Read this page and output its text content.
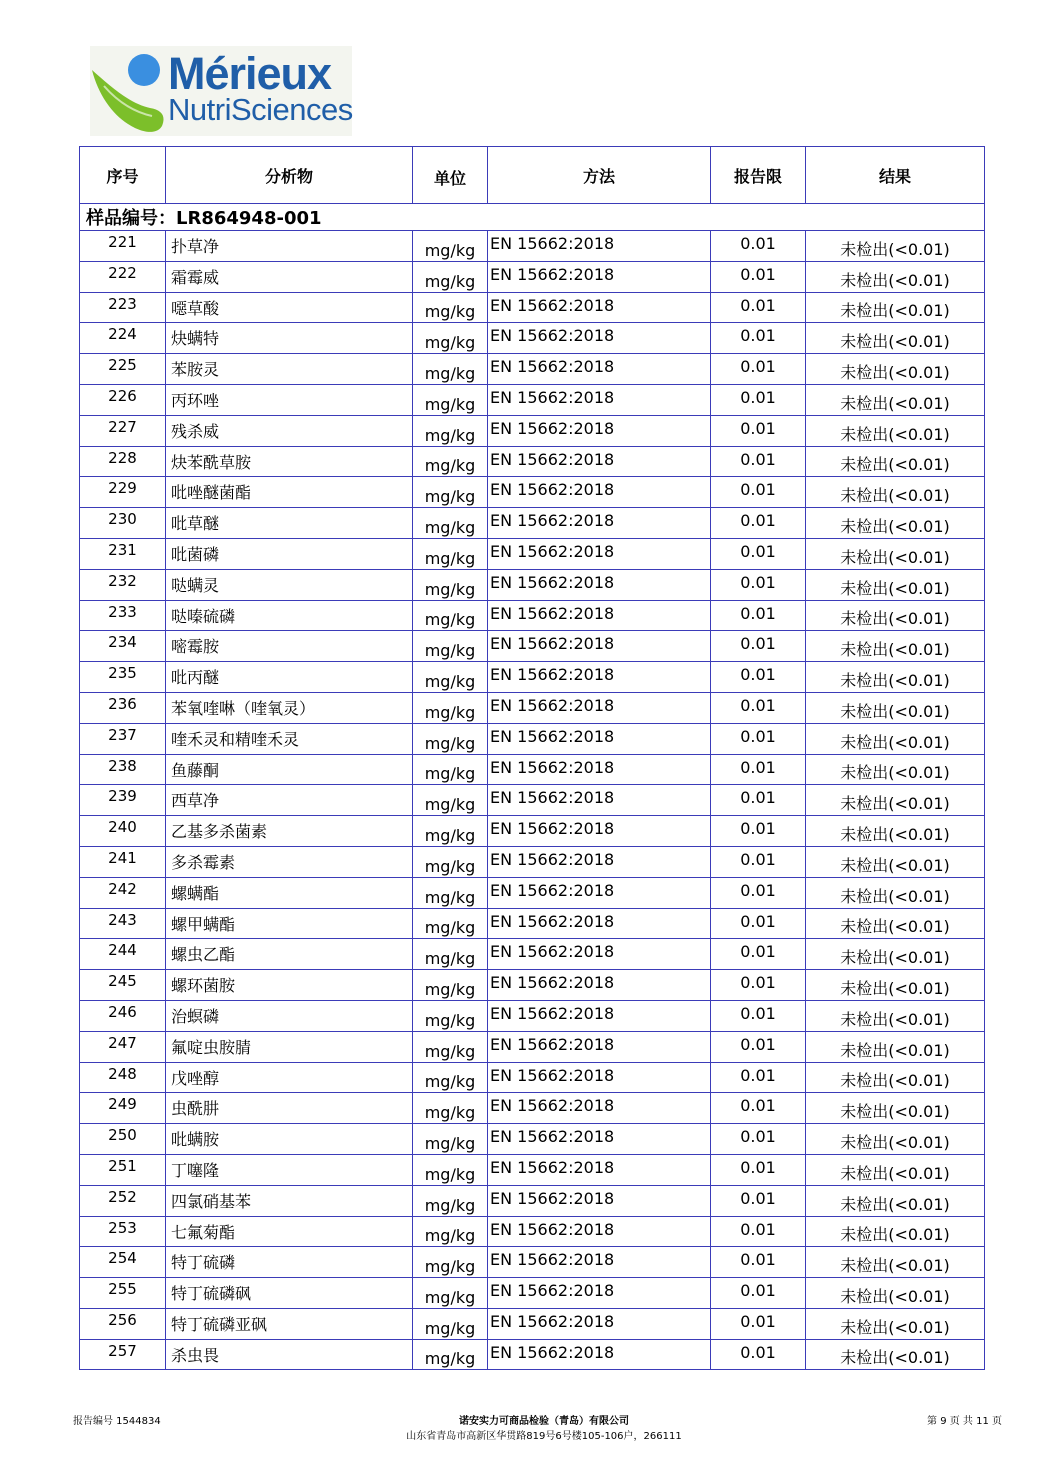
Mérieux
NutriSciences
序号	分析物	单位	方法	报告限	结果
样品编号：LR864948-001					
221	扑草净	mg/kg	EN 15662:2018	0.01	未检出(<0.01)
222	霜霉威	mg/kg	EN 15662:2018	0.01	未检出(<0.01)
223	噁草酸	mg/kg	EN 15662:2018	0.01	未检出(<0.01)
224	炔螨特	mg/kg	EN 15662:2018	0.01	未检出(<0.01)
225	苯胺灵	mg/kg	EN 15662:2018	0.01	未检出(<0.01)
226	丙环唑	mg/kg	EN 15662:2018	0.01	未检出(<0.01)
227	残杀威	mg/kg	EN 15662:2018	0.01	未检出(<0.01)
228	炔苯酰草胺	mg/kg	EN 15662:2018	0.01	未检出(<0.01)
229	吡唑醚菌酯	mg/kg	EN 15662:2018	0.01	未检出(<0.01)
230	吡草醚	mg/kg	EN 15662:2018	0.01	未检出(<0.01)
231	吡菌磷	mg/kg	EN 15662:2018	0.01	未检出(<0.01)
232	哒螨灵	mg/kg	EN 15662:2018	0.01	未检出(<0.01)
233	哒嗪硫磷	mg/kg	EN 15662:2018	0.01	未检出(<0.01)
234	嘧霉胺	mg/kg	EN 15662:2018	0.01	未检出(<0.01)
235	吡丙醚	mg/kg	EN 15662:2018	0.01	未检出(<0.01)
236	苯氧喹啉（喹氧灵）	mg/kg	EN 15662:2018	0.01	未检出(<0.01)
237	喹禾灵和精喹禾灵	mg/kg	EN 15662:2018	0.01	未检出(<0.01)
238	鱼藤酮	mg/kg	EN 15662:2018	0.01	未检出(<0.01)
239	西草净	mg/kg	EN 15662:2018	0.01	未检出(<0.01)
240	乙基多杀菌素	mg/kg	EN 15662:2018	0.01	未检出(<0.01)
241	多杀霉素	mg/kg	EN 15662:2018	0.01	未检出(<0.01)
242	螺螨酯	mg/kg	EN 15662:2018	0.01	未检出(<0.01)
243	螺甲螨酯	mg/kg	EN 15662:2018	0.01	未检出(<0.01)
244	螺虫乙酯	mg/kg	EN 15662:2018	0.01	未检出(<0.01)
245	螺环菌胺	mg/kg	EN 15662:2018	0.01	未检出(<0.01)
246	治螟磷	mg/kg	EN 15662:2018	0.01	未检出(<0.01)
247	氟啶虫胺腈	mg/kg	EN 15662:2018	0.01	未检出(<0.01)
248	戊唑醇	mg/kg	EN 15662:2018	0.01	未检出(<0.01)
249	虫酰肼	mg/kg	EN 15662:2018	0.01	未检出(<0.01)
250	吡螨胺	mg/kg	EN 15662:2018	0.01	未检出(<0.01)
251	丁噻隆	mg/kg	EN 15662:2018	0.01	未检出(<0.01)
252	四氯硝基苯	mg/kg	EN 15662:2018	0.01	未检出(<0.01)
253	七氟菊酯	mg/kg	EN 15662:2018	0.01	未检出(<0.01)
254	特丁硫磷	mg/kg	EN 15662:2018	0.01	未检出(<0.01)
255	特丁硫磷砜	mg/kg	EN 15662:2018	0.01	未检出(<0.01)
256	特丁硫磷亚砜	mg/kg	EN 15662:2018	0.01	未检出(<0.01)
257	杀虫畏	mg/kg	EN 15662:2018	0.01	未检出(<0.01)
报告编号 1544834	诺安实力可商品检验（青岛）有限公司
山东省青岛市高新区华贯路819号6号楼105-106户，266111
第 9 页 共 11 页
